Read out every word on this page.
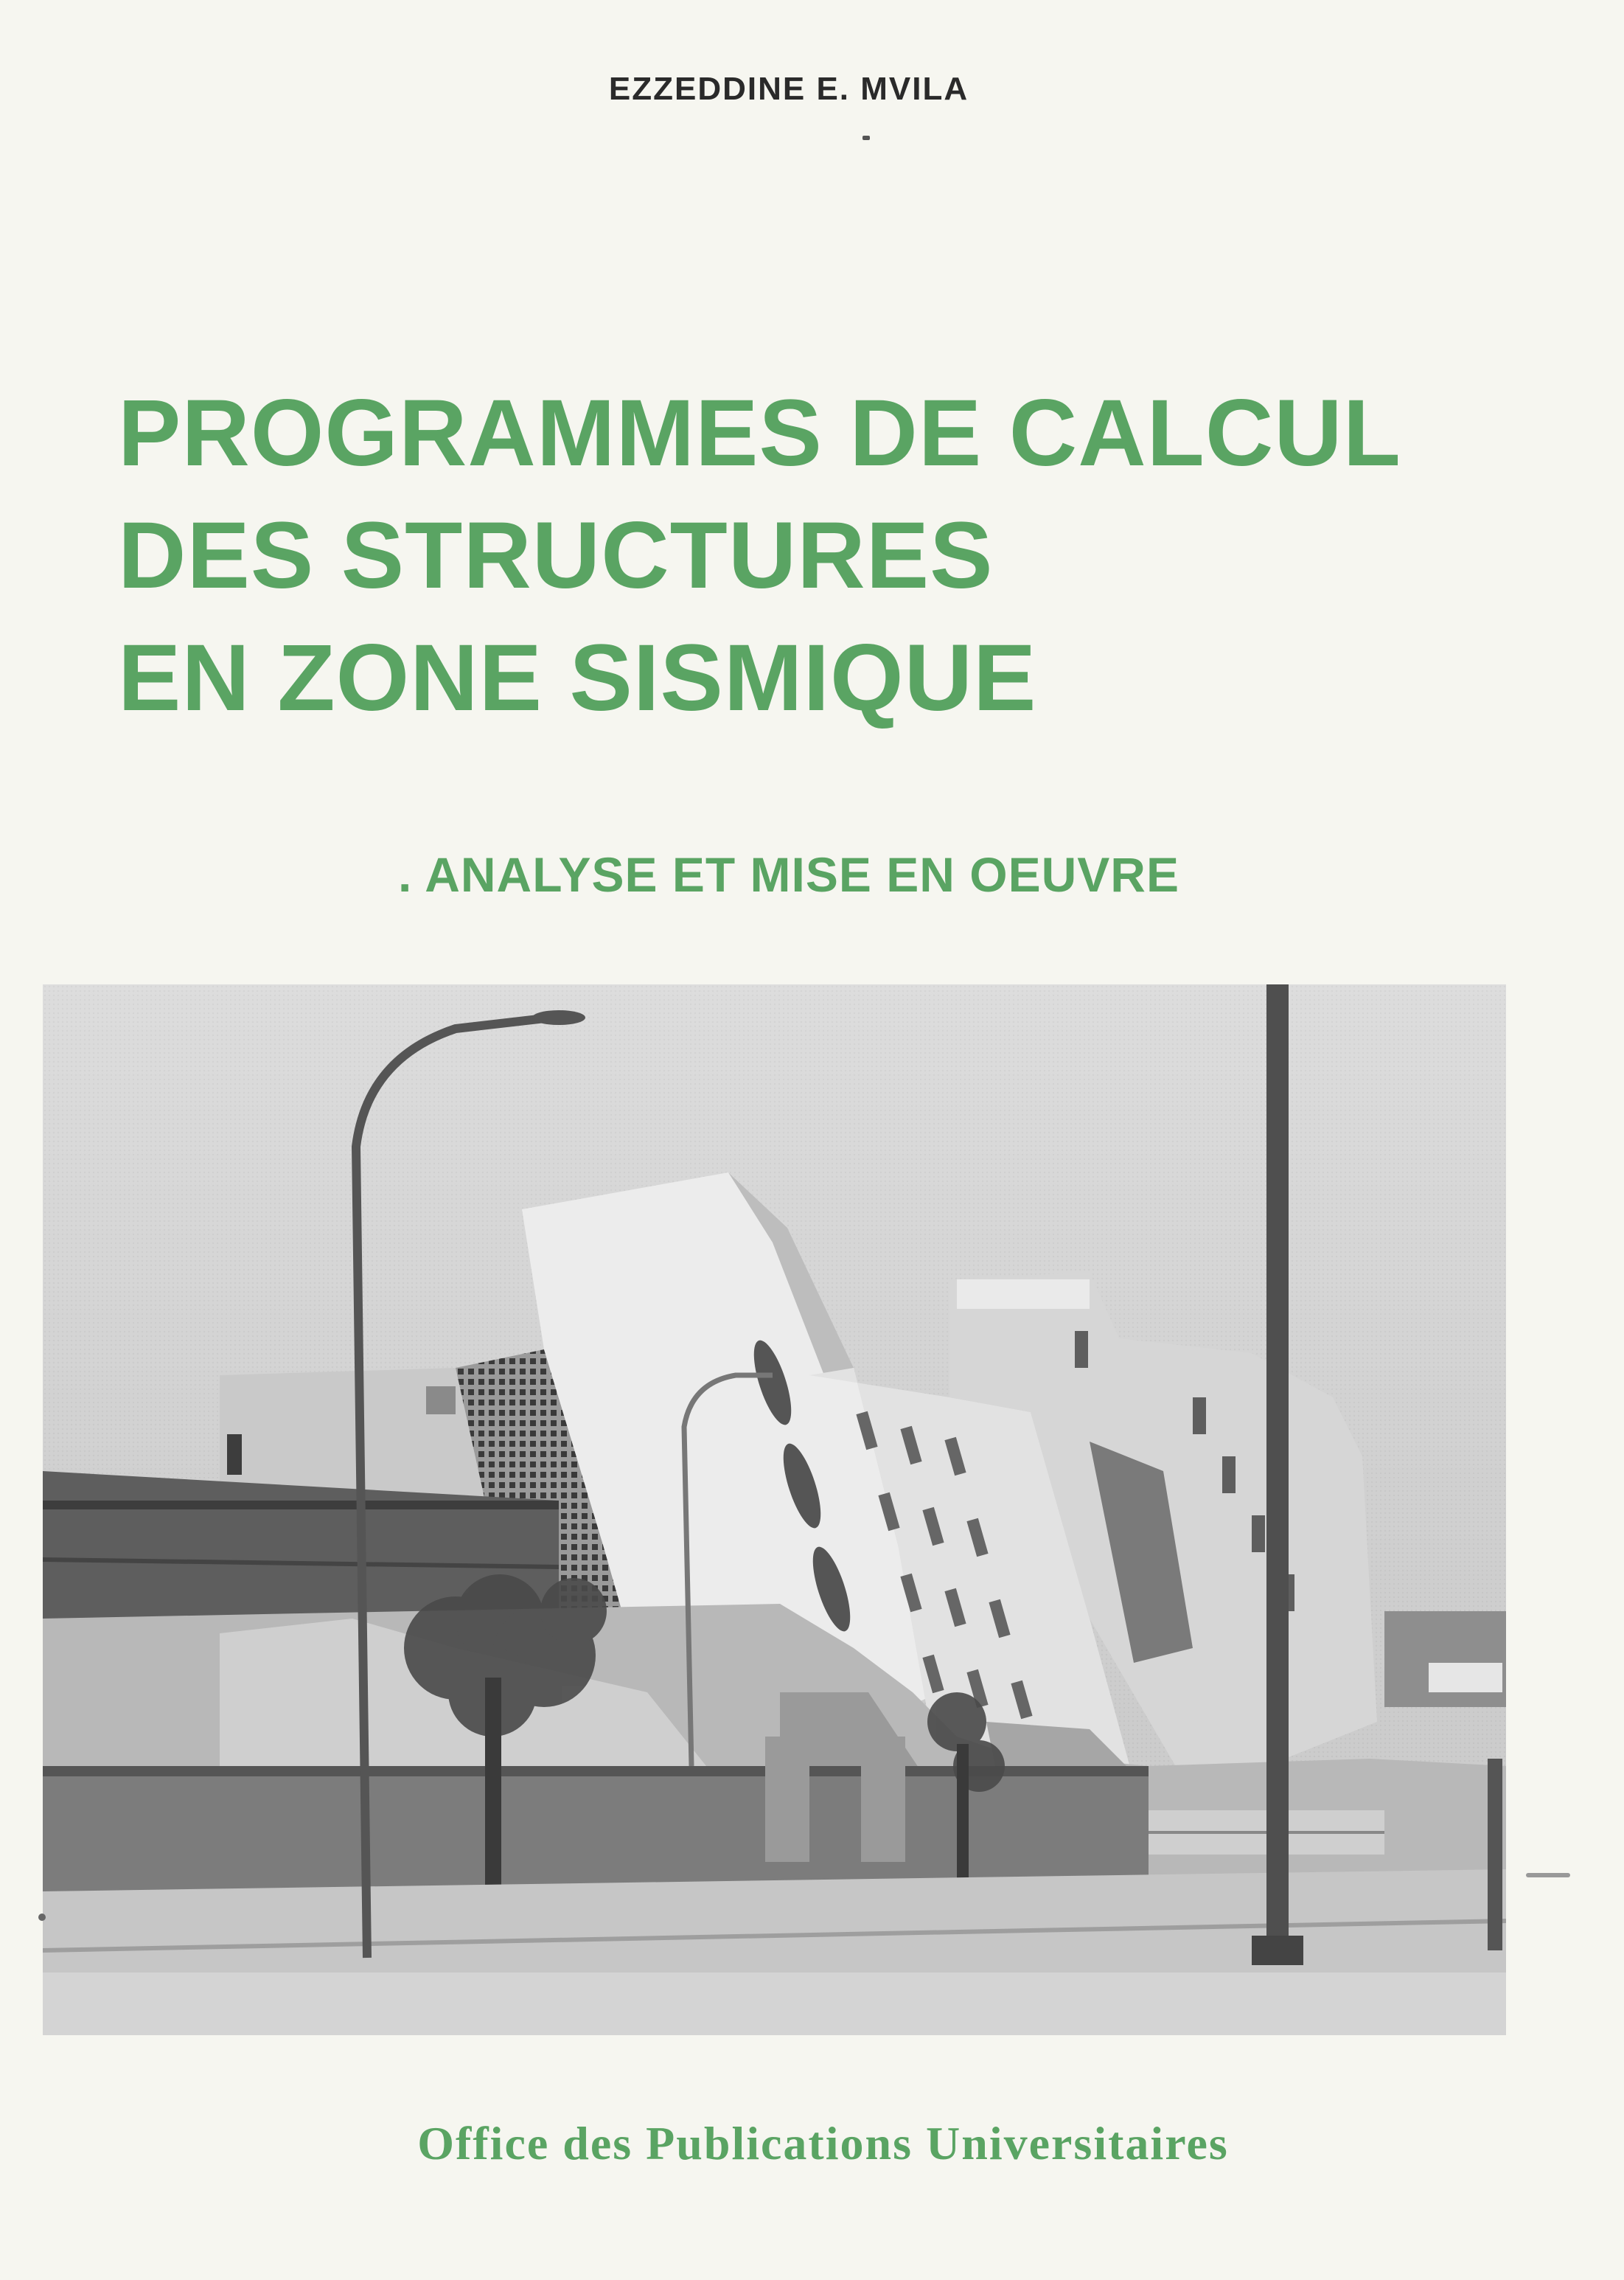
EZZEDDINE E. MVILA
PROGRAMMES DE CALCUL
DES STRUCTURES
EN ZONE SISMIQUE
. ANALYSE ET MISE EN OEUVRE
Office des Publications Universitaires
